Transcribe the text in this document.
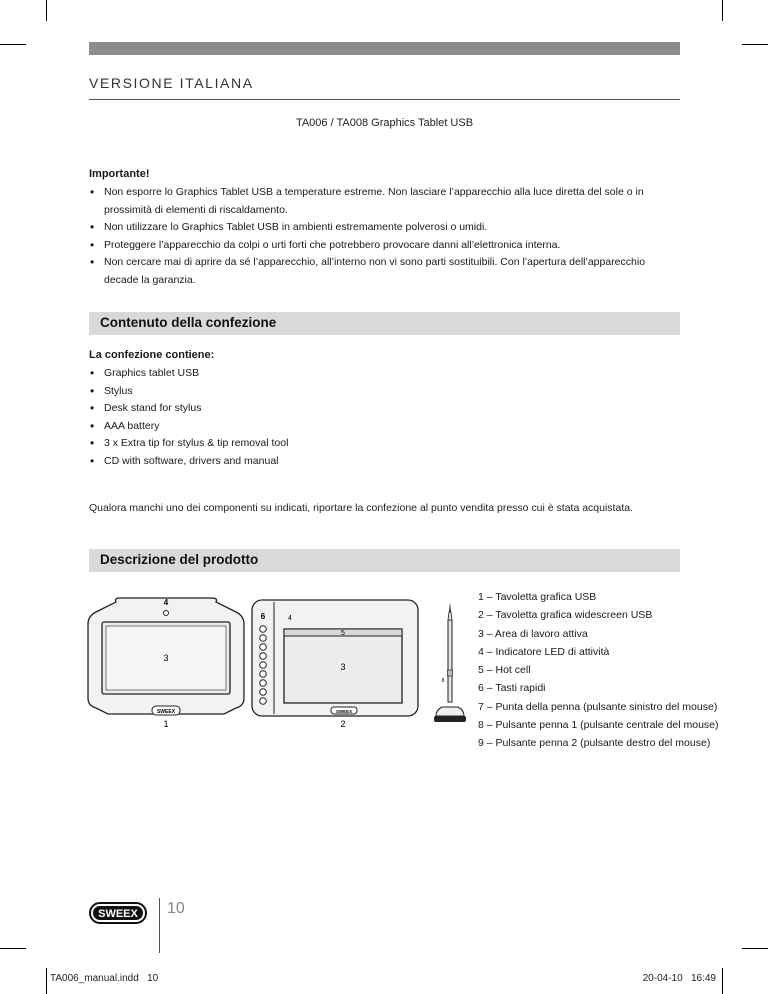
VERSIONE ITALIANA
TA006 / TA008 Graphics Tablet USB
Importante!
• Non esporre lo Graphics Tablet USB a temperature estreme. Non lasciare l’apparecchio alla luce diretta del sole o in prossimità di elementi di riscaldamento.
• Non utilizzare lo Graphics Tablet USB in ambienti estremamente polverosi o umidi.
• Proteggere l’apparecchio da colpi o urti forti che potrebbero provocare danni all’elettronica interna.
• Non cercare mai di aprire da sé l’apparecchio, all’interno non vi sono parti sostituibili. Con l’apertura dell’apparecchio decade la garanzia.
Contenuto della confezione
La confezione contiene:
• Graphics tablet USB
• Stylus
• Desk stand for stylus
• AAA battery
• 3 x Extra tip for stylus & tip removal tool
• CD with software, drivers and manual
Qualora manchi uno dei componenti su indicati, riportare la confezione al punto vendita presso cui è stata acquistata.
Descrizione del prodotto
4
3
SWEEX
1
6	4
5
3
SWEEX
2
8
1 – Tavoletta grafica USB
2 – Tavoletta grafica widescreen USB
3 – Area di lavoro attiva
4 – Indicatore LED di attività
5 – Hot cell
6 – Tasti rapidi
7 – Punta della penna (pulsante sinistro del mouse)
8 – Pulsante penna 1 (pulsante centrale del mouse)
9 – Pulsante penna 2 (pulsante destro del mouse)
SWEEX 10
TA006_manual.indd   10	20-04-10   16:49
